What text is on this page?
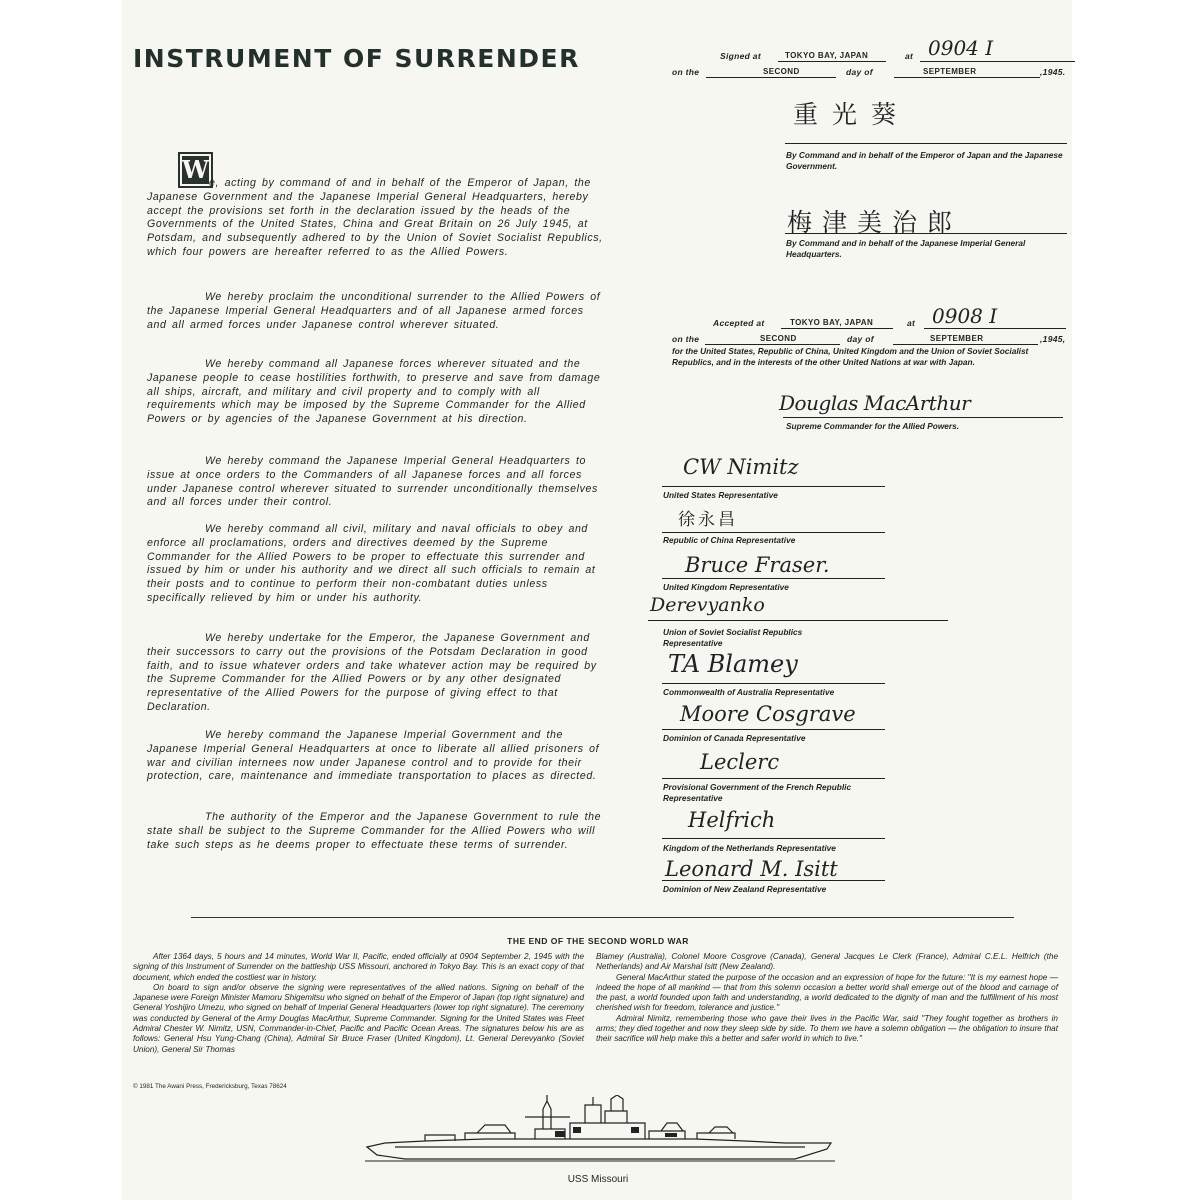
INSTRUMENT OF SURRENDER
W e, acting by command of and in behalf of the Emperor of Japan, the Japanese Government and the Japanese Imperial General Headquarters, hereby accept the provisions set forth in the declaration issued by the heads of the Governments of the United States, China and Great Britain on 26 July 1945, at Potsdam, and subsequently adhered to by the Union of Soviet Socialist Republics, which four powers are hereafter referred to as the Allied Powers.
We hereby proclaim the unconditional surrender to the Allied Powers of the Japanese Imperial General Headquarters and of all Japanese armed forces and all armed forces under Japanese control wherever situated.
We hereby command all Japanese forces wherever situated and the Japanese people to cease hostilities forthwith, to preserve and save from damage all ships, aircraft, and military and civil property and to comply with all requirements which may be imposed by the Supreme Commander for the Allied Powers or by agencies of the Japanese Government at his direction.
We hereby command the Japanese Imperial General Headquarters to issue at once orders to the Commanders of all Japanese forces and all forces under Japanese control wherever situated to surrender unconditionally themselves and all forces under their control.
We hereby command all civil, military and naval officials to obey and enforce all proclamations, orders and directives deemed by the Supreme Commander for the Allied Powers to be proper to effectuate this surrender and issued by him or under his authority and we direct all such officials to remain at their posts and to continue to perform their non-combatant duties unless specifically relieved by him or under his authority.
We hereby undertake for the Emperor, the Japanese Government and their successors to carry out the provisions of the Potsdam Declaration in good faith, and to issue whatever orders and take whatever action may be required by the Supreme Commander for the Allied Powers or by any other designated representative of the Allied Powers for the purpose of giving effect to that Declaration.
We hereby command the Japanese Imperial Government and the Japanese Imperial General Headquarters at once to liberate all allied prisoners of war and civilian internees now under Japanese control and to provide for their protection, care, maintenance and immediate transportation to places as directed.
The authority of the Emperor and the Japanese Government to rule the state shall be subject to the Supreme Commander for the Allied Powers who will take such steps as he deems proper to effectuate these terms of surrender.
Signed at	TOKYO BAY, JAPAN	at 0904 I
on the	SECOND	day of	SEPTEMBER	,1945.
重光葵
By Command and in behalf of the Emperor of Japan and the Japanese Government.
梅津美治郎
By Command and in behalf of the Japanese Imperial General Headquarters.
Accepted at	TOKYO BAY, JAPAN	at 0908 I
on the	SECOND	day of	SEPTEMBER	,1945,
for the United States, Republic of China, United Kingdom and the Union of Soviet Socialist Republics, and in the interests of the other United Nations at war with Japan.
Douglas MacArthur
Supreme Commander for the Allied Powers.
CW Nimitz
United States Representative
徐永昌
Republic of China Representative
Bruce Fraser.
United Kingdom Representative
Derevyanko
Union of Soviet Socialist Republics Representative
TA Blamey
Commonwealth of Australia Representative
Moore Cosgrave
Dominion of Canada Representative
Leclerc
Provisional Government of the French Republic Representative
Helfrich
Kingdom of the Netherlands Representative
Leonard M. Isitt
Dominion of New Zealand Representative
THE END OF THE SECOND WORLD WAR

After 1364 days, 5 hours and 14 minutes, World War II, Pacific, ended officially at 0904 September 2, 1945 with the signing of this Instrument of Surrender on the battleship USS Missouri, anchored in Tokyo Bay. This is an exact copy of that document, which ended the costliest war in history.

On board to sign and/or observe the signing were representatives of the allied nations. Signing on behalf of the Japanese were Foreign Minister Mamoru Shigemitsu who signed on behalf of the Emperor of Japan (top right signature) and General Yoshijiro Umezu, who signed on behalf of Imperial General Headquarters (lower top right signature). The ceremony was conducted by General of the Army Douglas MacArthur, Supreme Commander. Signing for the United States was Fleet Admiral Chester W. Nimitz, USN, Commander-in-Chief, Pacific and Pacific Ocean Areas. The signatures below his are as follows: General Hsu Yung-Chang (China), Admiral Sir Bruce Fraser (United Kingdom), Lt. General Derevyanko (Soviet Union), General Sir Thomas

Blamey (Australia), Colonel Moore Cosgrove (Canada), General Jacques Le Clerk (France), Admiral C.E.L. Helfrich (the Netherlands) and Air Marshal Isitt (New Zealand).

General MacArthur stated the purpose of the occasion and an expression of hope for the future: "It is my earnest hope — indeed the hope of all mankind — that from this solemn occasion a better world shall emerge out of the blood and carnage of the past, a world founded upon faith and understanding, a world dedicated to the dignity of man and the fulfillment of his most cherished wish for freedom, tolerance and justice."

Admiral Nimitz, remembering those who gave their lives in the Pacific War, said "They fought together as brothers in arms; they died together and now they sleep side by side. To them we have a solemn obligation — the obligation to insure that their sacrifice will help make this a better and safer world in which to live."

© 1981 The Awani Press, Fredericksburg, Texas 78624
USS Missouri
